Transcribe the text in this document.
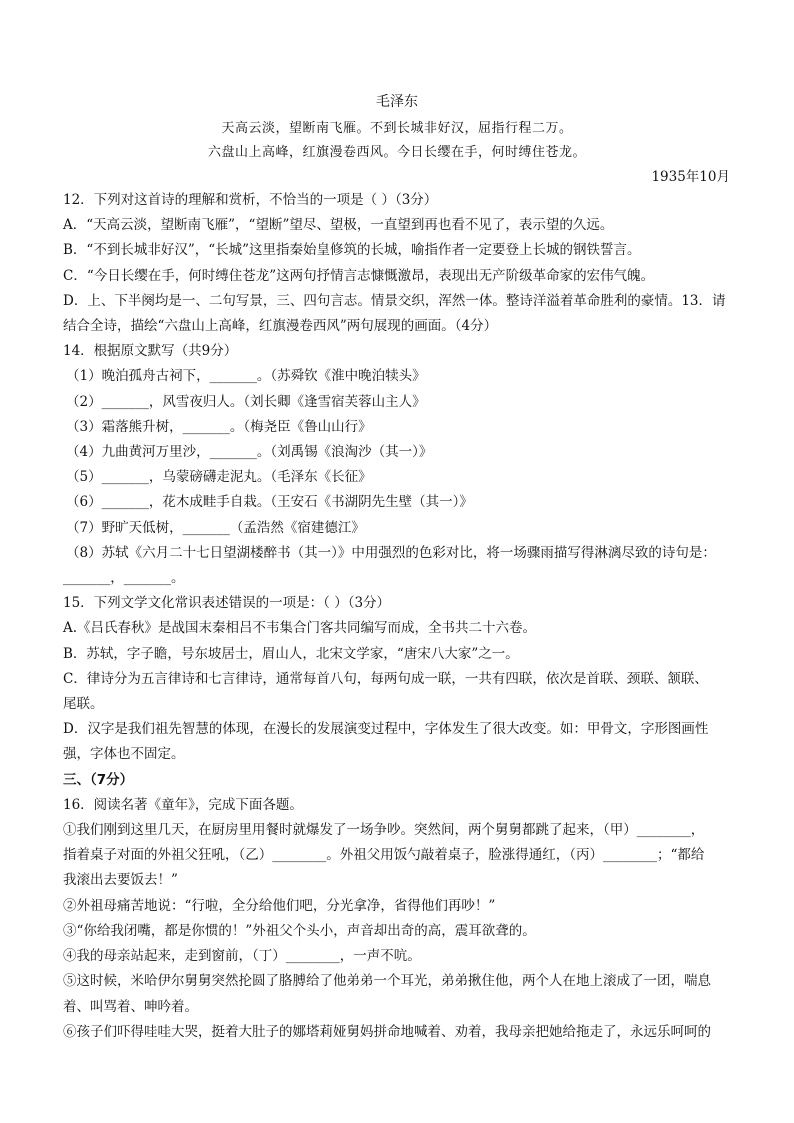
毛泽东
天高云淡，望断南飞雁。不到长城非好汉，屈指行程二万。
六盘山上高峰，红旗漫卷西风。今日长缨在手，何时缚住苍龙。
1935年10月
12．下列对这首诗的理解和赏析，不恰当的一项是（ ）（3分）
A．“天高云淡，望断南飞雁”，“望断”望尽、望极，一直望到再也看不见了，表示望的久远。
B．“不到长城非好汉”，“长城”这里指秦始皇修筑的长城，喻指作者一定要登上长城的钢铁誓言。
C．“今日长缨在手，何时缚住苍龙”这两句抒情言志慷慨激昂，表现出无产阶级革命家的宏伟气魄。
D．上、下半阕均是一、二句写景，三、四句言志。情景交织，浑然一体。整诗洋溢着革命胜利的豪情。13．请
结合全诗，描绘“六盘山上高峰，红旗漫卷西风”两句展现的画面。（4分）
14．根据原文默写（共9分）
（1）晚泊孤舟古祠下，_______。（苏舜钦《淮中晚泊犊头》
（2）_______，风雪夜归人。（刘长卿《逢雪宿芙蓉山主人》
（3）霜落熊升树，_______。（梅尧臣《鲁山山行》
（4）九曲黄河万里沙，_______。（刘禹锡《浪淘沙（其一）》
（5）_______，乌蒙磅礴走泥丸。（毛泽东《长征》
（6）_______，花木成畦手自栽。（王安石《书湖阴先生壁（其一）》
（7）野旷天低树，_______（孟浩然《宿建德江》
（8）苏轼《六月二十七日望湖楼醉书（其一）》中用强烈的色彩对比，将一场骤雨描写得淋漓尽致的诗句是：
_______，_______。
15．下列文学文化常识表述错误的一项是：（ ）（3分）
A.《吕氏春秋》是战国末秦相吕不韦集合门客共同编写而成，全书共二十六卷。
B．苏轼，字子瞻，号东坡居士，眉山人，北宋文学家，“唐宋八大家”之一。
C．律诗分为五言律诗和七言律诗，通常每首八句，每两句成一联，一共有四联，依次是首联、颈联、颔联、
尾联。
D．汉字是我们祖先智慧的体现，在漫长的发展演变过程中，字体发生了很大改变。如：甲骨文，字形图画性
强，字体也不固定。
三、（7分）
16．阅读名著《童年》，完成下面各题。
①我们刚到这里几天，在厨房里用餐时就爆发了一场争吵。突然间，两个舅舅都跳了起来，（甲）________，
指着桌子对面的外祖父狂吼，（乙）________。外祖父用饭勺敲着桌子，脸涨得通红，（丙）________；“都给
我滚出去要饭去！”
②外祖母痛苦地说：“行啦，全分给他们吧，分光拿净，省得他们再吵！”
③“你给我闭嘴，都是你惯的！”外祖父个头小，声音却出奇的高，震耳欲聋的。
④我的母亲站起来，走到窗前，（丁）________，一声不吭。
⑤这时候，米哈伊尔舅舅突然抡圆了胳膊给了他弟弟一个耳光，弟弟揪住他，两个人在地上滚成了一团，喘息
着、叫骂着、呻吟着。
⑥孩子们吓得哇哇大哭，挺着大肚子的娜塔莉娅舅妈拼命地喊着、劝着，我母亲把她给拖走了，永远乐呵呵的
